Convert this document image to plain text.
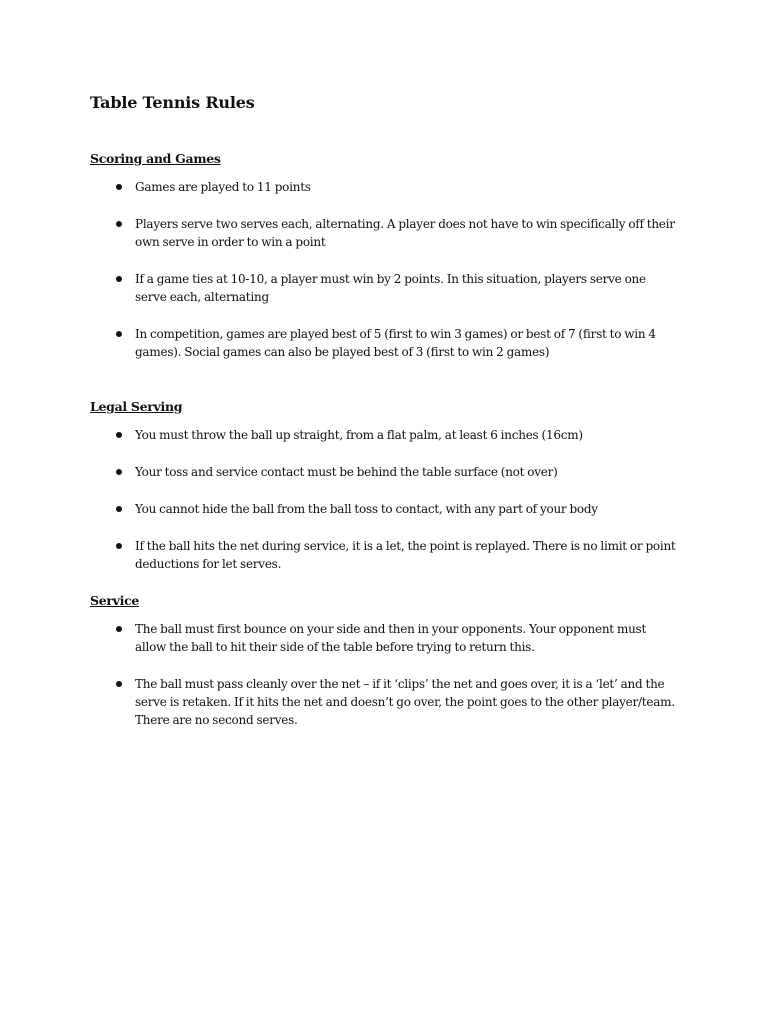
Table Tennis Rules
Scoring and Games
Games are played to 11 points
Players serve two serves each, alternating. A player does not have to win specifically off their own serve in order to win a point
If a game ties at 10-10, a player must win by 2 points. In this situation, players serve one serve each, alternating
In competition, games are played best of 5 (first to win 3 games) or best of 7 (first to win 4 games). Social games can also be played best of 3 (first to win 2 games)
Legal Serving
You must throw the ball up straight, from a flat palm, at least 6 inches (16cm)
Your toss and service contact must be behind the table surface (not over)
You cannot hide the ball from the ball toss to contact, with any part of your body
If the ball hits the net during service, it is a let, the point is replayed. There is no limit or point deductions for let serves.
Service
The ball must first bounce on your side and then in your opponents. Your opponent must allow the ball to hit their side of the table before trying to return this.
The ball must pass cleanly over the net – if it ‘clips’ the net and goes over, it is a ‘let’ and the serve is retaken. If it hits the net and doesn’t go over, the point goes to the other player/team. There are no second serves.
